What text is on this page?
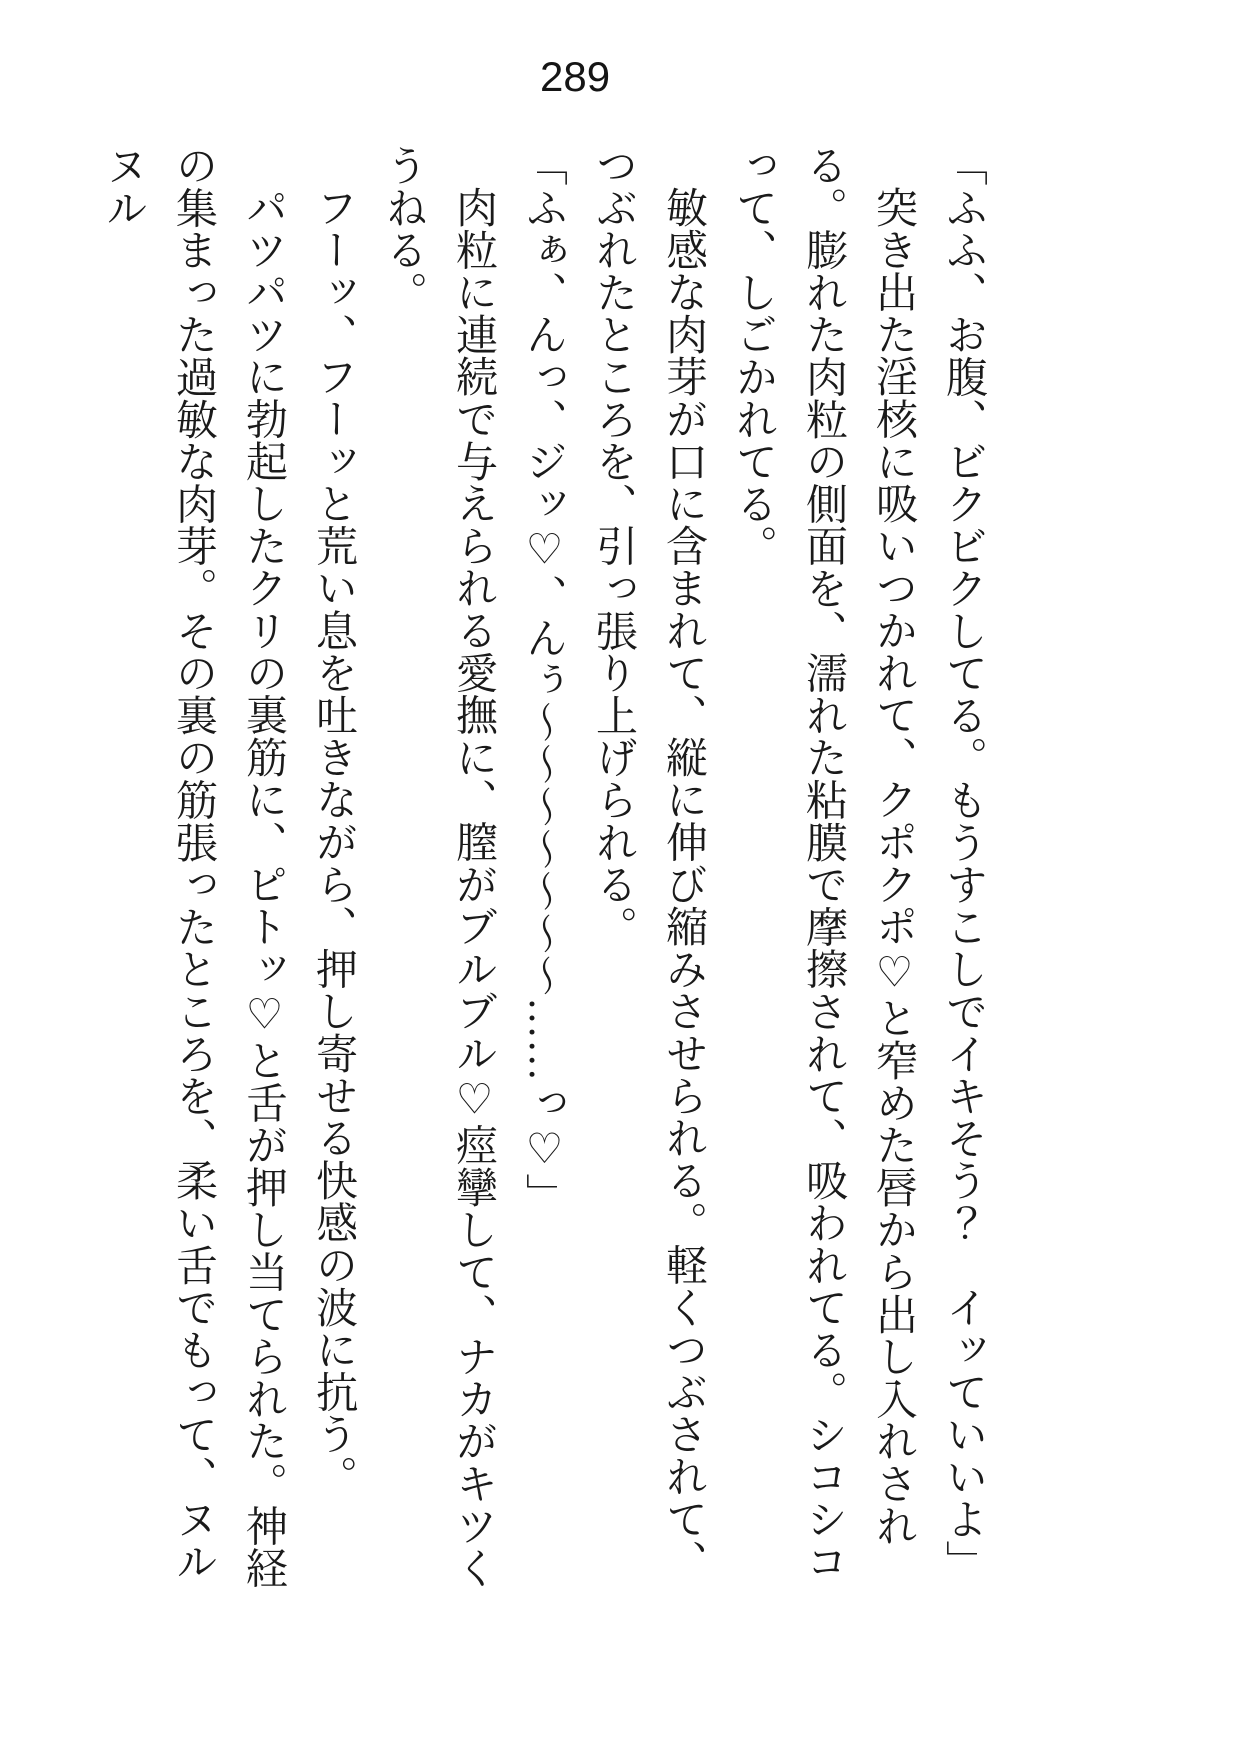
289

「ふふ、お腹、ビクビクしてる。もうすこしでイキそう？　イッていいよ」

突き出た淫核に吸いつかれて、クポクポ♡と窄めた唇から出し入れされる。膨れた肉粒の側面を、濡れた粘膜で摩擦されて、吸われてる。シコシコって、しごかれてる。

敏感な肉芽が口に含まれて、縦に伸び縮みさせられる。軽くつぶされて、つぶれたところを、引っ張り上げられる。

「ふぁ、んっ、ジッ♡、んぅ～～～～～～～……っ♡」

肉粒に連続で与えられる愛撫に、膣がブルブル♡痙攣して、ナカがキツくうねる。

フーッ、フーッと荒い息を吐きながら、押し寄せる快感の波に抗う。

パツパツに勃起したクリの裏筋に、ピトッ♡と舌が押し当てられた。神経の集まった過敏な肉芽。その裏の筋張ったところを、柔い舌でもって、ヌルヌル
